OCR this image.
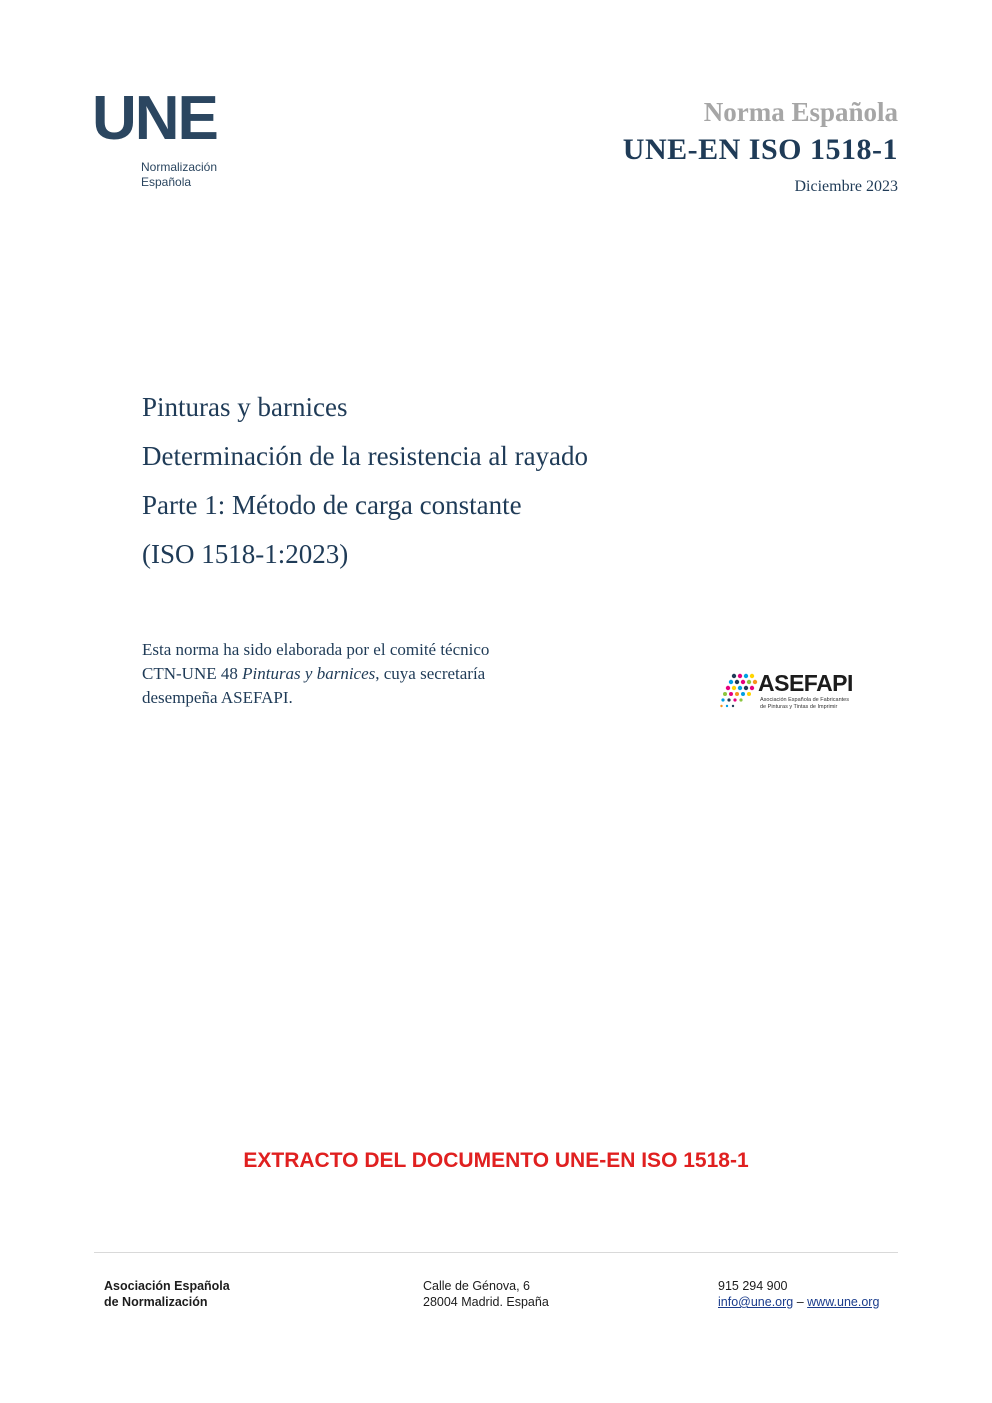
UNE
Normalización
Española
Norma Española
UNE-EN ISO 1518-1
Diciembre 2023
Pinturas y barnices
Determinación de la resistencia al rayado
Parte 1: Método de carga constante
(ISO 1518-1:2023)
Esta norma ha sido elaborada por el comité técnico
CTN-UNE 48 Pinturas y barnices, cuya secretaría
desempeña ASEFAPI.
ASEFAPI
Asociación Española de Fabricantes
de Pinturas y Tintas de Imprimir
EXTRACTO DEL DOCUMENTO UNE-EN ISO 1518-1
Asociación Española
de Normalización
Calle de Génova, 6
28004 Madrid. España
915 294 900
info@une.org – www.une.org
